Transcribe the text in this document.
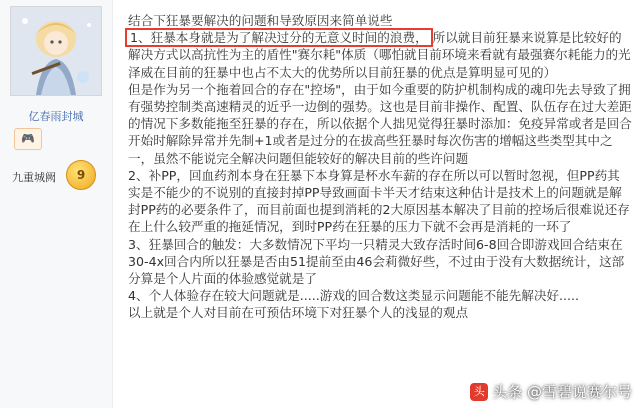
亿春雨封城
🎮
九重城阙	9

结合下狂暴要解决的问题和导致原因来简单说些

1、狂暴本身就是为了解决过分的无意义时间的浪费， 所以就目前狂暴来说算是比较好的解决方式以高抗性为主的盾性"赛尔耗"体质（哪怕就目前环境来看就有最强赛尔耗能力的光泽威在目前的狂暴中也占不太大的优势所以目前狂暴的优点是算明显可见的）

但是作为另一个拖着回合的存在"控场"，由于如今重要的防护机制构成的魂印先去导致了拥有强势控制类高速精灵的近乎一边倒的强势。这也是目前非操作、配置、队伍存在过大差距的情况下多数能拖至狂暴的存在，所以依据个人拙见觉得狂暴时添加：免疫异常或者是回合开始时解除异常并先制+1或者是过分的在拔高些狂暴时每次伤害的增幅这些类型其中之一，虽然不能说完全解决问题但能较好的解决目前的些许问题

2、补PP，回血药剂本身在狂暴下本身算是杯水车薪的存在所以可以暂时忽视，但PP药其实是不能少的不说别的直接封掉PP导致画面卡半天才结束这种估计是技术上的问题就是解封PP药的必要条件了，而目前面也提到消耗的2大原因基本解决了目前的控场后很难说还存在上什么较严重的拖延情况，到时PP药在狂暴的压力下就不会再是消耗的一环了

3、狂暴回合的触发：大多数情况下平均一只精灵大致存活时间6-8回合即游戏回合结束在30-4x回合内所以狂暴是否由51提前至由46会莉微好些，不过由于没有大数据统计，这部分算是个人片面的体验感觉就是了

4、个人体验存在较大问题就是.....游戏的回合数这类显示问题能不能先解决好.....

以上就是个人对目前在可预估环境下对狂暴个人的浅显的观点

头 头条 @雪碧说赛尔号
